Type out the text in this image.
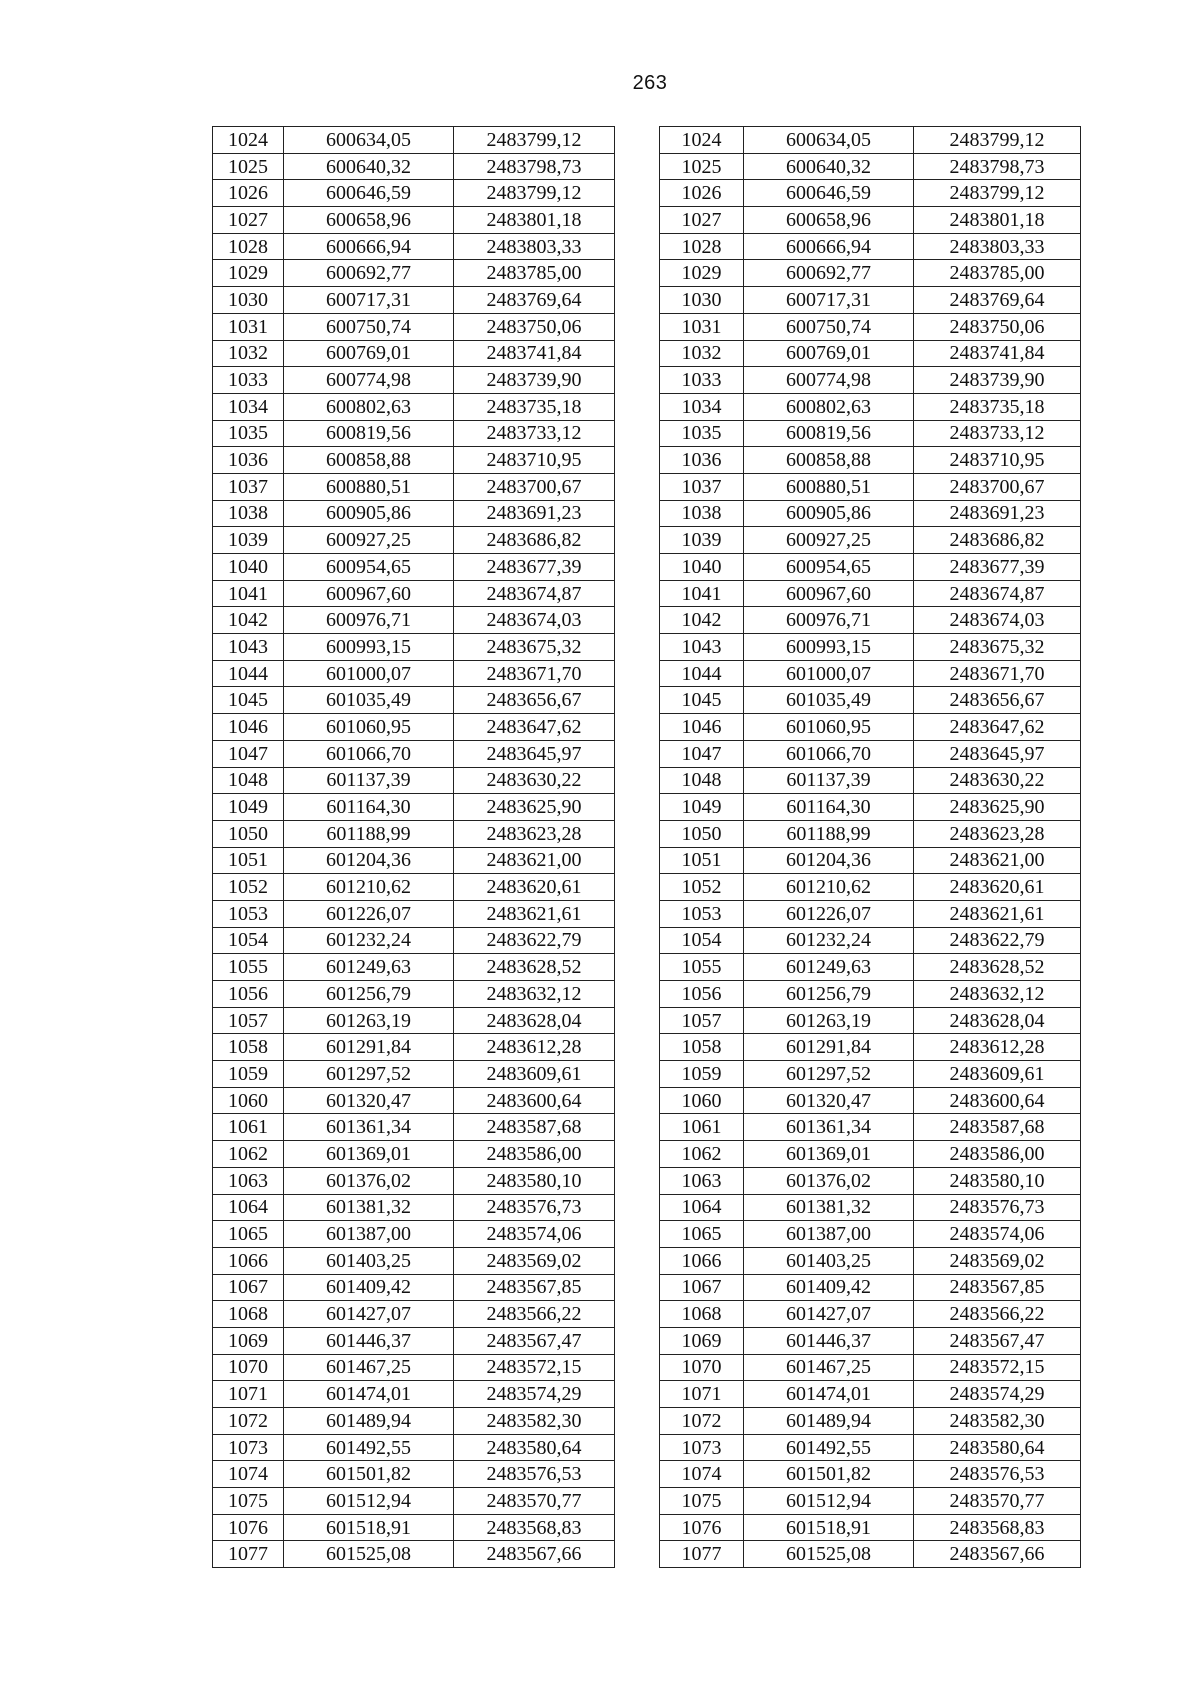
263
1024	600634,05	2483799,12		1024	600634,05	2483799,12
1025	600640,32	2483798,73		1025	600640,32	2483798,73
1026	600646,59	2483799,12		1026	600646,59	2483799,12
1027	600658,96	2483801,18		1027	600658,96	2483801,18
1028	600666,94	2483803,33		1028	600666,94	2483803,33
1029	600692,77	2483785,00		1029	600692,77	2483785,00
1030	600717,31	2483769,64		1030	600717,31	2483769,64
1031	600750,74	2483750,06		1031	600750,74	2483750,06
1032	600769,01	2483741,84		1032	600769,01	2483741,84
1033	600774,98	2483739,90		1033	600774,98	2483739,90
1034	600802,63	2483735,18		1034	600802,63	2483735,18
1035	600819,56	2483733,12		1035	600819,56	2483733,12
1036	600858,88	2483710,95		1036	600858,88	2483710,95
1037	600880,51	2483700,67		1037	600880,51	2483700,67
1038	600905,86	2483691,23		1038	600905,86	2483691,23
1039	600927,25	2483686,82		1039	600927,25	2483686,82
1040	600954,65	2483677,39		1040	600954,65	2483677,39
1041	600967,60	2483674,87		1041	600967,60	2483674,87
1042	600976,71	2483674,03		1042	600976,71	2483674,03
1043	600993,15	2483675,32		1043	600993,15	2483675,32
1044	601000,07	2483671,70		1044	601000,07	2483671,70
1045	601035,49	2483656,67		1045	601035,49	2483656,67
1046	601060,95	2483647,62		1046	601060,95	2483647,62
1047	601066,70	2483645,97		1047	601066,70	2483645,97
1048	601137,39	2483630,22		1048	601137,39	2483630,22
1049	601164,30	2483625,90		1049	601164,30	2483625,90
1050	601188,99	2483623,28		1050	601188,99	2483623,28
1051	601204,36	2483621,00		1051	601204,36	2483621,00
1052	601210,62	2483620,61		1052	601210,62	2483620,61
1053	601226,07	2483621,61		1053	601226,07	2483621,61
1054	601232,24	2483622,79		1054	601232,24	2483622,79
1055	601249,63	2483628,52		1055	601249,63	2483628,52
1056	601256,79	2483632,12		1056	601256,79	2483632,12
1057	601263,19	2483628,04		1057	601263,19	2483628,04
1058	601291,84	2483612,28		1058	601291,84	2483612,28
1059	601297,52	2483609,61		1059	601297,52	2483609,61
1060	601320,47	2483600,64		1060	601320,47	2483600,64
1061	601361,34	2483587,68		1061	601361,34	2483587,68
1062	601369,01	2483586,00		1062	601369,01	2483586,00
1063	601376,02	2483580,10		1063	601376,02	2483580,10
1064	601381,32	2483576,73		1064	601381,32	2483576,73
1065	601387,00	2483574,06		1065	601387,00	2483574,06
1066	601403,25	2483569,02		1066	601403,25	2483569,02
1067	601409,42	2483567,85		1067	601409,42	2483567,85
1068	601427,07	2483566,22		1068	601427,07	2483566,22
1069	601446,37	2483567,47		1069	601446,37	2483567,47
1070	601467,25	2483572,15		1070	601467,25	2483572,15
1071	601474,01	2483574,29		1071	601474,01	2483574,29
1072	601489,94	2483582,30		1072	601489,94	2483582,30
1073	601492,55	2483580,64		1073	601492,55	2483580,64
1074	601501,82	2483576,53		1074	601501,82	2483576,53
1075	601512,94	2483570,77		1075	601512,94	2483570,77
1076	601518,91	2483568,83		1076	601518,91	2483568,83
1077	601525,08	2483567,66		1077	601525,08	2483567,66
